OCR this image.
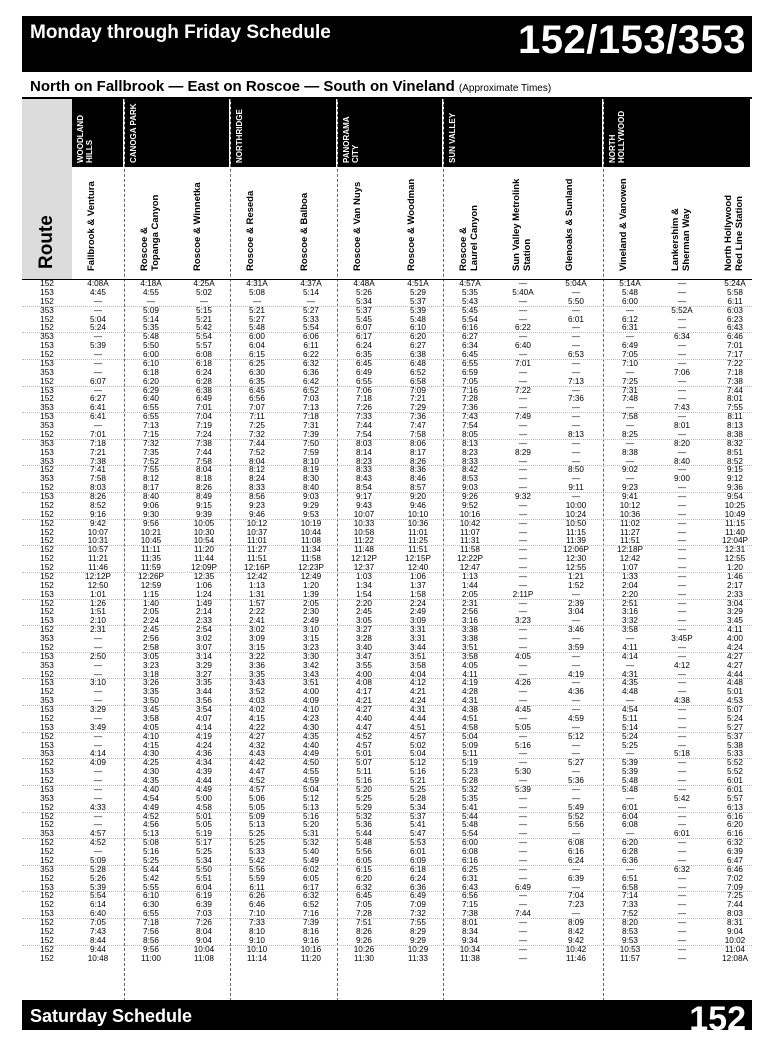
Monday through Friday Schedule	152/153/353
North on Fallbrook — East on Roscoe — South on Vineland (Approximate Times)
Route
WOODLAND
HILLS	CANOGA PARK	NORTHRIDGE	PANORAMA
CITY	SUN VALLEY	NORTH
HOLLYWOOD
Fallbrook & Ventura	Roscoe &
Topanga Canyon	Roscoe & Winnetka	Roscoe & Reseda	Roscoe & Balboa	Roscoe & Van Nuys	Roscoe & Woodman	Roscoe &
Laurel Canyon
Sun Valley Metrolink
Station	Glenoaks & Sunland	Vineland & Vanowen	Lankershim &
Sherman Way
North Hollywood
Red Line Station
152	4:08A	4:18A	4:25A	4:31A	4:37A	4:48A	4:51A	4:57A	—	5:04A	5:14A	—	5:24A
153	4:45	4:55	5:02	5:08	5:14	5:26	5:29	5:35	5:40A	—	5:48	—	5:58
152	—	—	—	—	—	5:34	5:37	5:43	—	5:50	6:00	—	6:11
353	—	5:09	5:15	5:21	5:27	5:37	5:39	5:45	—	—	—	5:52A	6:03
152	5:04	5:14	5:21	5:27	5:33	5:45	5:48	5:54	—	6:01	6:12	—	6:23
152	5:24	5:35	5:42	5:48	5:54	6:07	6:10	6:16	6:22	—	6:31	—	6:43
353	—	5:48	5:54	6:00	6:06	6:17	6:20	6:27	—	—	—	6:34	6:46
153	5:39	5:50	5:57	6:04	6:11	6:24	6:27	6:34	6:40	—	6:49	—	7:01
152	—	6:00	6:08	6:15	6:22	6:35	6:38	6:45	—	6:53	7:05	—	7:17
153	—	6:10	6:18	6:25	6:32	6:45	6:48	6:55	7:01	—	7:10	—	7:22
353	—	6:18	6:24	6:30	6:36	6:49	6:52	6:59	—	—	—	7:06	7:18
152	6:07	6:20	6:28	6:35	6:42	6:55	6:58	7:05	—	7:13	7:25	—	7:38
153	—	6:29	6:38	6:45	6:52	7:06	7:09	7:16	7:22	—	7:31	—	7:44
152	6:27	6:40	6:49	6:56	7:03	7:18	7:21	7:28	—	7:36	7:48	—	8:01
353	6:41	6:55	7:01	7:07	7:13	7:26	7:29	7:36	—	—	—	7:43	7:55
153	6:41	6:55	7:04	7:11	7:18	7:33	7:36	7:43	7:49	—	7:58	—	8:11
353	—	7:13	7:19	7:25	7:31	7:44	7:47	7:54	—	—	—	8:01	8:13
152	7:01	7:15	7:24	7:32	7:39	7:54	7:58	8:05	—	8:13	8:25	—	8:38
353	7:18	7:32	7:38	7:44	7:50	8:03	8:06	8:13	—	—	—	8:20	8:32
153	7:21	7:35	7:44	7:52	7:59	8:14	8:17	8:23	8:29	—	8:38	—	8:51
353	7:38	7:52	7:58	8:04	8:10	8:23	8:26	8:33	—	—	—	8:40	8:52
152	7:41	7:55	8:04	8:12	8:19	8:33	8:36	8:42	—	8:50	9:02	—	9:15
353	7:58	8:12	8:18	8:24	8:30	8:43	8:46	8:53	—	—	—	9:00	9:12
152	8:03	8:17	8:26	8:33	8:40	8:54	8:57	9:03	—	9:11	9:23	—	9:36
153	8:26	8:40	8:49	8:56	9:03	9:17	9:20	9:26	9:32	—	9:41	—	9:54
152	8:52	9:06	9:15	9:23	9:29	9:43	9:46	9:52	—	10:00	10:12	—	10:25
152	9:16	9:30	9:39	9:46	9:53	10:07	10:10	10:16	—	10:24	10:36	—	10:49
152	9:42	9:56	10:05	10:12	10:19	10:33	10:36	10:42	—	10:50	11:02	—	11:15
152	10:07	10:21	10:30	10:37	10:44	10:58	11:01	11:07	—	11:15	11:27	—	11:40
152	10:31	10:45	10:54	11:01	11:08	11:22	11:25	11:31	—	11:39	11:51	—	12:04P
152	10:57	11:11	11:20	11:27	11:34	11:48	11:51	11:58	—	12:06P	12:18P	—	12:31
152	11:21	11:35	11:44	11:51	11:58	12:12P	12:15P	12:22P	—	12:30	12:42	—	12:55
152	11:46	11:59	12:09P	12:16P	12:23P	12:37	12:40	12:47	—	12:55	1:07	—	1:20
152	12:12P	12:26P	12:35	12:42	12:49	1:03	1:06	1:13	—	1:21	1:33	—	1:46
152	12:50	12:59	1:06	1:13	1:20	1:34	1:37	1:44	—	1:52	2:04	—	2:17
153	1:01	1:15	1:24	1:31	1:39	1:54	1:58	2:05	2:11P	—	2:20	—	2:33
152	1:26	1:40	1:49	1:57	2:05	2:20	2:24	2:31	—	2:39	2:51	—	3:04
152	1:51	2:05	2:14	2:22	2:30	2:45	2:49	2:56	—	3:04	3:16	—	3:29
153	2:10	2:24	2:33	2:41	2:49	3:05	3:09	3:16	3:23	—	3:32	—	3:45
152	2:31	2:45	2:54	3:02	3:10	3:27	3:31	3:38	—	3:46	3:58	—	4:11
353	—	2:56	3:02	3:09	3:15	3:28	3:31	3:38	—	—	—	3:45P	4:00
152	—	2:58	3:07	3:15	3:23	3:40	3:44	3:51	—	3:59	4:11	—	4:24
153	2:50	3:05	3:14	3:22	3:30	3:47	3:51	3:58	4:05	—	4:14	—	4:27
353	—	3:23	3:29	3:36	3:42	3:55	3:58	4:05	—	—	—	4:12	4:27
152	—	3:18	3:27	3:35	3:43	4:00	4:04	4:11	—	4:19	4:31	—	4:44
153	3:10	3:26	3:35	3:43	3:51	4:08	4:12	4:19	4:26	—	4:35	—	4:48
152	—	3:35	3:44	3:52	4:00	4:17	4:21	4:28	—	4:36	4:48	—	5:01
353	—	3:50	3:56	4:03	4:09	4:21	4:24	4:31	—	—	—	4:38	4:53
153	3:29	3:45	3:54	4:02	4:10	4:27	4:31	4:38	4:45	—	4:54	—	5:07
152	—	3:58	4:07	4:15	4:23	4:40	4:44	4:51	—	4:59	5:11	—	5:24
153	3:49	4:05	4:14	4:22	4:30	4:47	4:51	4:58	5:05	—	5:14	—	5:27
152	—	4:10	4:19	4:27	4:35	4:52	4:57	5:04	—	5:12	5:24	—	5:37
153	—	4:15	4:24	4:32	4:40	4:57	5:02	5:09	5:16	—	5:25	—	5:38
353	4:14	4:30	4:36	4:43	4:49	5:01	5:04	5:11	—	—	—	5:18	5:33
152	4:09	4:25	4:34	4:42	4:50	5:07	5:12	5:19	—	5:27	5:39	—	5:52
153	—	4:30	4:39	4:47	4:55	5:11	5:16	5:23	5:30	—	5:39	—	5:52
152	—	4:35	4:44	4:52	4:59	5:16	5:21	5:28	—	5:36	5:48	—	6:01
153	—	4:40	4:49	4:57	5:04	5:20	5:25	5:32	5:39	—	5:48	—	6:01
353	—	4:54	5:00	5:06	5:12	5:25	5:28	5:35	—	—	—	5:42	5:57
152	4:33	4:49	4:58	5:05	5:13	5:29	5:34	5:41	—	5:49	6:01	—	6:13
152	—	4:52	5:01	5:09	5:16	5:32	5:37	5:44	—	5:52	6:04	—	6:16
152	—	4:56	5:05	5:13	5:20	5:36	5:41	5:48	—	5:56	6:08	—	6:20
353	4:57	5:13	5:19	5:25	5:31	5:44	5:47	5:54	—	—	—	6:01	6:16
152	4:52	5:08	5:17	5:25	5:32	5:48	5:53	6:00	—	6:08	6:20	—	6:32
152	—	5:16	5:25	5:33	5:40	5:56	6:01	6:08	—	6:16	6:28	—	6:39
152	5:09	5:25	5:34	5:42	5:49	6:05	6:09	6:16	—	6:24	6:36	—	6:47
353	5:28	5:44	5:50	5:56	6:02	6:15	6:18	6:25	—	—	—	6:32	6:46
152	5:26	5:42	5:51	5:59	6:05	6:20	6:24	6:31	—	6:39	6:51	—	7:02
153	5:39	5:55	6:04	6:11	6:17	6:32	6:36	6:43	6:49	—	6:58	—	7:09
152	5:54	6:10	6:19	6:26	6:32	6:45	6:49	6:56	—	7:04	7:14	—	7:25
152	6:14	6:30	6:39	6:46	6:52	7:05	7:09	7:15	—	7:23	7:33	—	7:44
153	6:40	6:55	7:03	7:10	7:16	7:28	7:32	7:38	7:44	—	7:52	—	8:03
152	7:05	7:18	7:26	7:33	7:39	7:51	7:55	8:01	—	8:09	8:20	—	8:31
152	7:43	7:56	8:04	8:10	8:16	8:26	8:29	8:34	—	8:42	8:53	—	9:04
152	8:44	8:56	9:04	9:10	9:16	9:26	9:29	9:34	—	9:42	9:53	—	10:02
152	9:44	9:56	10:04	10:10	10:16	10:26	10:29	10:34	—	10:42	10:53	—	11:04
152	10:48	11:00	11:08	11:14	11:20	11:30	11:33	11:38	—	11:46	11:57	—	12:08A
Saturday Schedule	152
